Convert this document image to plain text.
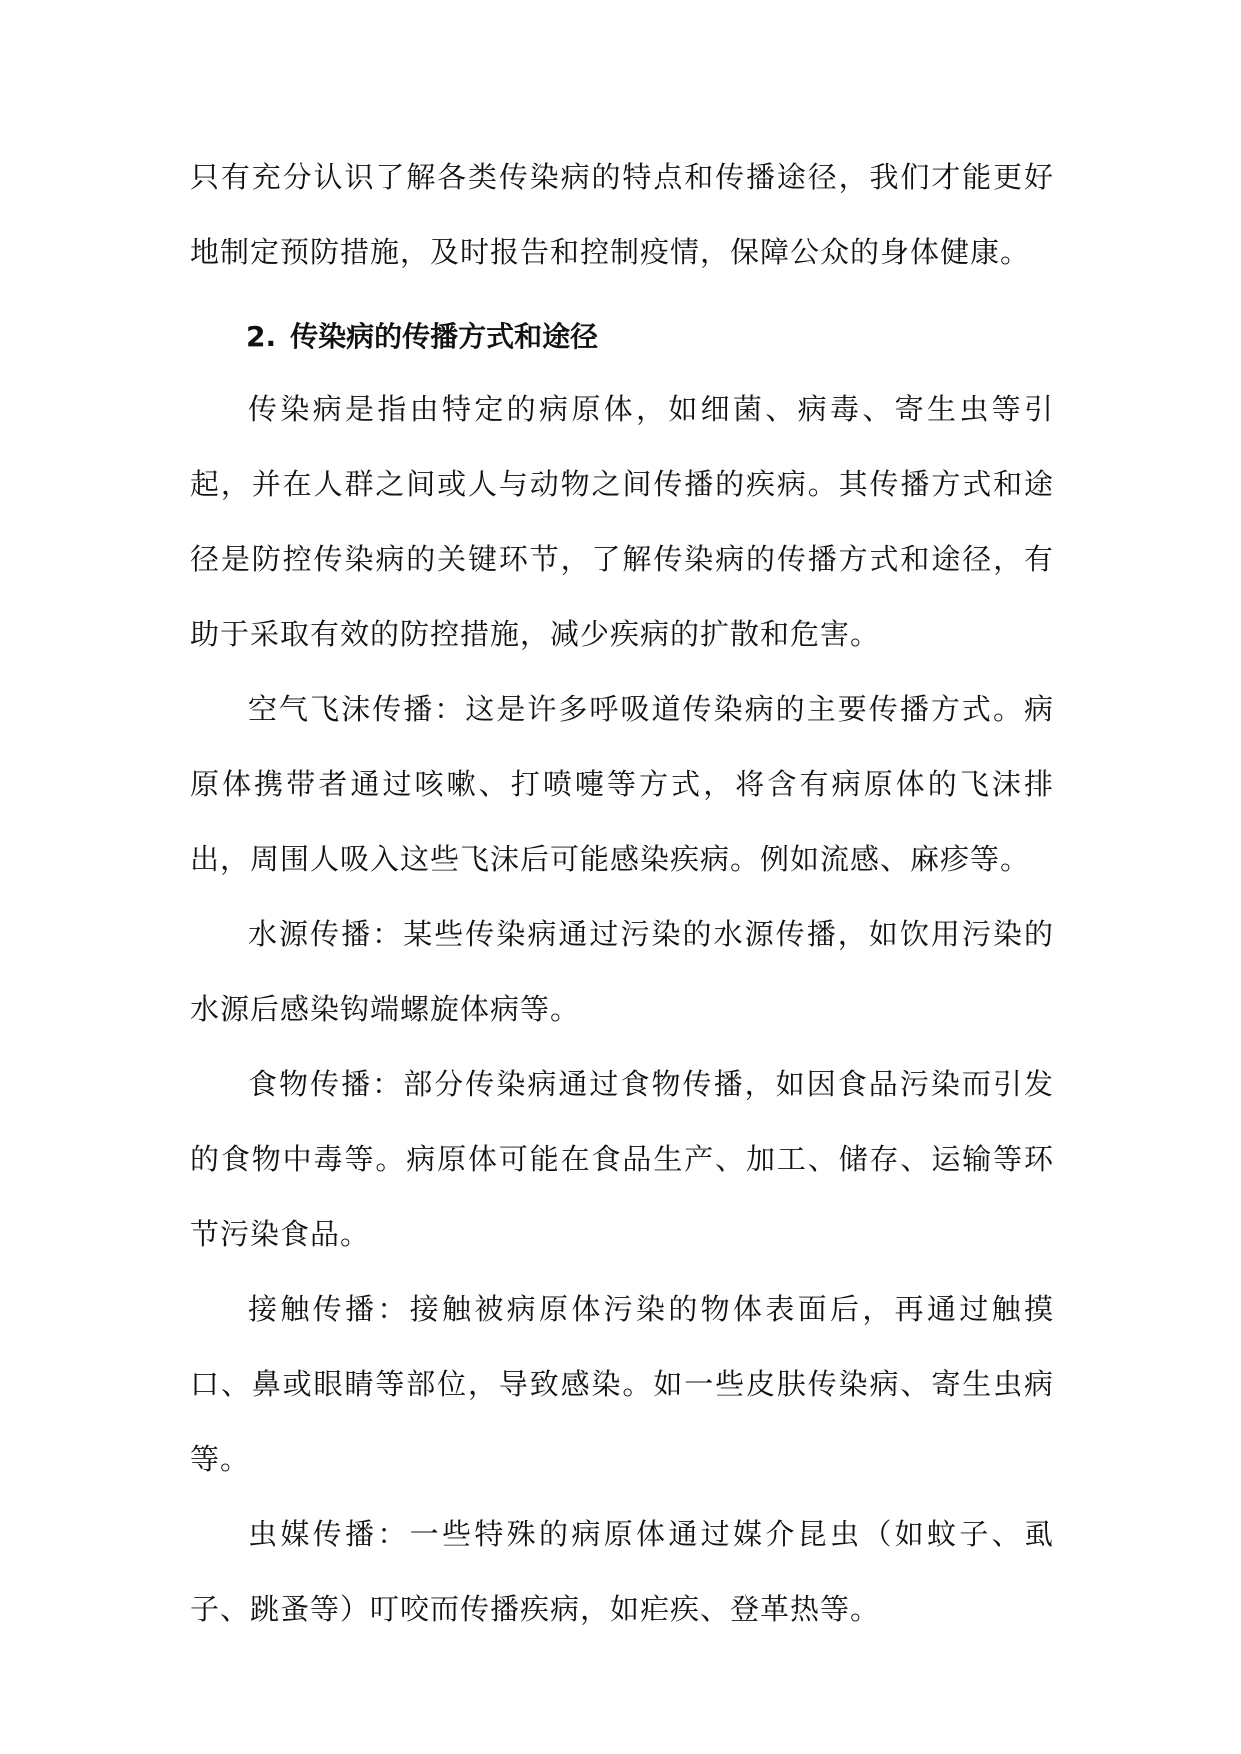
只有充分认识了解各类传染病的特点和传播途径，我们才能更好地制定预防措施，及时报告和控制疫情，保障公众的身体健康。

2. 传染病的传播方式和途径

传染病是指由特定的病原体，如细菌、病毒、寄生虫等引起，并在人群之间或人与动物之间传播的疾病。其传播方式和途径是防控传染病的关键环节，了解传染病的传播方式和途径，有助于采取有效的防控措施，减少疾病的扩散和危害。

空气飞沫传播：这是许多呼吸道传染病的主要传播方式。病原体携带者通过咳嗽、打喷嚏等方式，将含有病原体的飞沫排出，周围人吸入这些飞沫后可能感染疾病。例如流感、麻疹等。

水源传播：某些传染病通过污染的水源传播，如饮用污染的水源后感染钩端螺旋体病等。

食物传播：部分传染病通过食物传播，如因食品污染而引发的食物中毒等。病原体可能在食品生产、加工、储存、运输等环节污染食品。

接触传播：接触被病原体污染的物体表面后，再通过触摸口、鼻或眼睛等部位，导致感染。如一些皮肤传染病、寄生虫病等。

虫媒传播：一些特殊的病原体通过媒介昆虫（如蚊子、虱子、跳蚤等）叮咬而传播疾病，如疟疾、登革热等。
